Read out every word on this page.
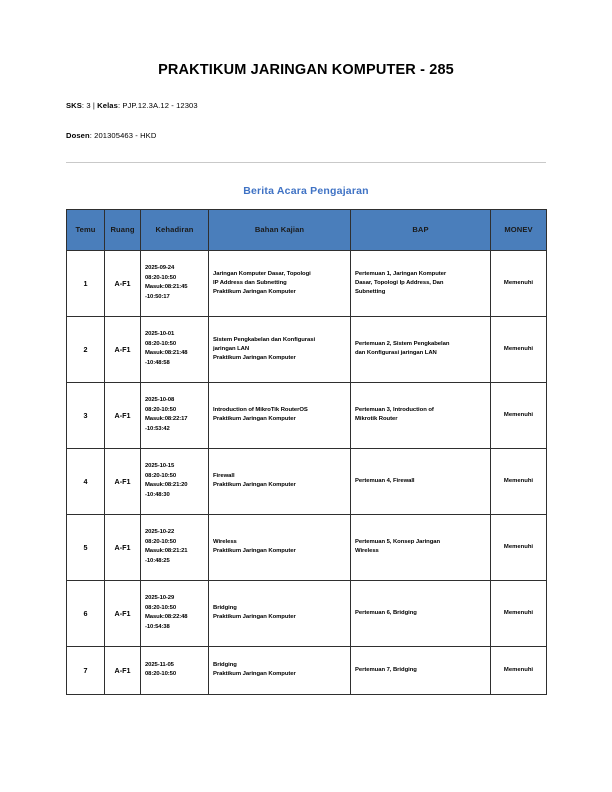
PRAKTIKUM JARINGAN KOMPUTER - 285

SKS: 3 | Kelas: PJP.12.3A.12 - 12303

Dosen: 201305463 - HKD

Berita Acara Pengajaran
Temu	Ruang	Kehadiran	Bahan Kajian	BAP	MONEV
1	A-F1	2025-09-24
08:20-10:50
Masuk:08:21:45
-10:50:17	Jaringan Komputer Dasar, Topologi
IP Address dan Subnetting
Praktikum Jaringan Komputer	Pertemuan 1, Jaringan Komputer
Dasar, Topologi Ip Address, Dan
Subnetting	Memenuhi
2	A-F1	2025-10-01
08:20-10:50
Masuk:08:21:48
-10:48:58	Sistem Pengkabelan dan Konfigurasi
jaringan LAN
Praktikum Jaringan Komputer	Pertemuan 2, Sistem Pengkabelan
dan Konfigurasi jaringan LAN	Memenuhi
3	A-F1	2025-10-08
08:20-10:50
Masuk:08:22:17
-10:53:42	Introduction of MikroTik RouterOS
Praktikum Jaringan Komputer	Pertemuan 3, Introduction of
Mikrotik Router	Memenuhi
4	A-F1	2025-10-15
08:20-10:50
Masuk:08:21:20
-10:48:30	Firewall
Praktikum Jaringan Komputer	Pertemuan 4, Firewall	Memenuhi
5	A-F1	2025-10-22
08:20-10:50
Masuk:08:21:21
-10:48:25	Wireless
Praktikum Jaringan Komputer	Pertemuan 5, Konsep Jaringan
Wireless	Memenuhi
6	A-F1	2025-10-29
08:20-10:50
Masuk:08:22:48
-10:54:38	Bridging
Praktikum Jaringan Komputer	Pertemuan 6, Bridging	Memenuhi
7	A-F1	2025-11-05
08:20-10:50	Bridging
Praktikum Jaringan Komputer	Pertemuan 7, Bridging	Memenuhi
